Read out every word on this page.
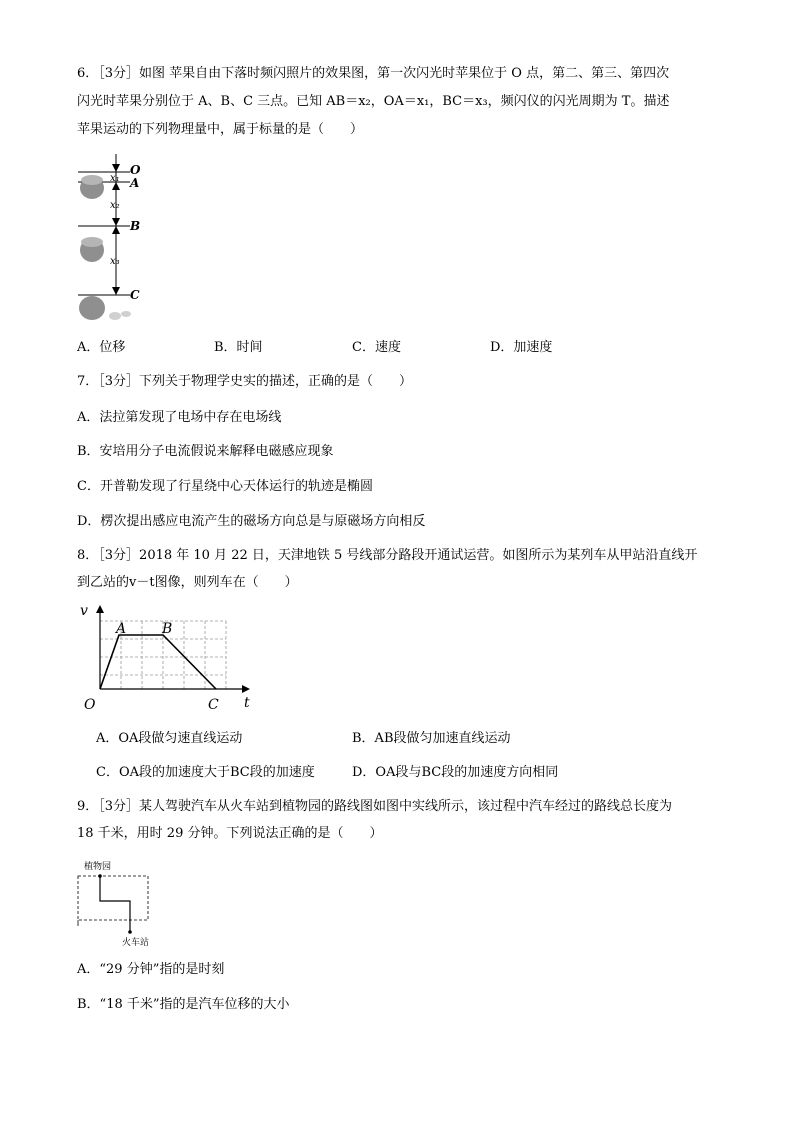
6．［3分］如图 苹果自由下落时频闪照片的效果图，第一次闪光时苹果位于 O 点，第二、第三、第四次
闪光时苹果分别位于 A、B、C 三点。已知 AB＝x₂，OA＝x₁，BC＝x₃，频闪仪的闪光周期为 T。描述
苹果运动的下列物理量中，属于标量的是（　　）
O
A
B
C
x₁
x₂
x₃
A．位移	B．时间	C．速度	D．加速度
7．［3分］下列关于物理学史实的描述，正确的是（　　）
A．法拉第发现了电场中存在电场线
B．安培用分子电流假说来解释电磁感应现象
C．开普勒发现了行星绕中心天体运行的轨迹是椭圆
D．楞次提出感应电流产生的磁场方向总是与原磁场方向相反
8．［3分］2018 年 10 月 22 日，天津地铁 5 号线部分路段开通试运营。如图所示为某列车从甲站沿直线开
到乙站的v－t图像，则列车在（　　）
v
t
O
A	B
C
A．OA段做匀速直线运动	B．AB段做匀加速直线运动
C．OA段的加速度大于BC段的加速度	D．OA段与BC段的加速度方向相同
9．［3分］某人驾驶汽车从火车站到植物园的路线图如图中实线所示，该过程中汽车经过的路线总长度为
18 千米，用时 29 分钟。下列说法正确的是（　　）
植物园
火车站
A．“29 分钟”指的是时刻
B．“18 千米”指的是汽车位移的大小
